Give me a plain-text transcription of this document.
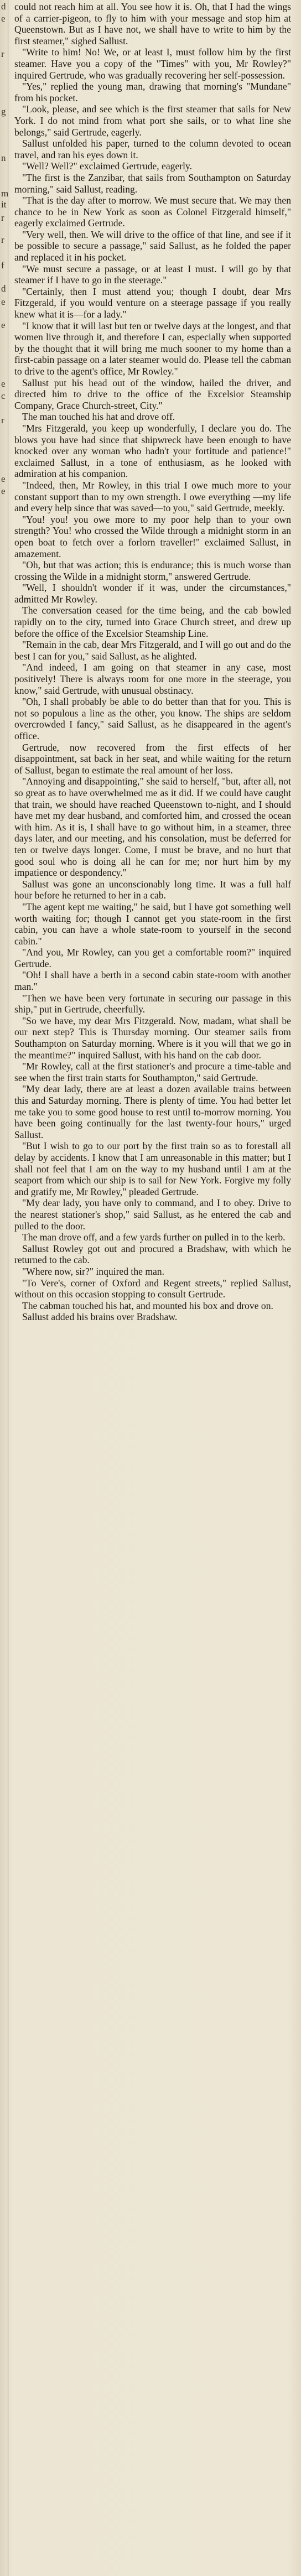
d
e
r
g
n
m
it
r
r
f
d
e
e
e
c
r
e
e

could not reach him at all. You see how it is. Oh, that I had the wings of a carrier-pigeon, to fly to him with your message and stop him at Queenstown. But as I have not, we shall have to write to him by the first steamer," sighed Sallust.

"Write to him! No! We, or at least I, must follow him by the first steamer. Have you a copy of the "Times" with you, Mr Rowley?" inquired Gertrude, who was gradually recovering her self-possession.

"Yes," replied the young man, drawing that morning's "Mundane" from his pocket.

"Look, please, and see which is the first steamer that sails for New York. I do not mind from what port she sails, or to what line she belongs," said Gertrude, eagerly.

Sallust unfolded his paper, turned to the column devoted to ocean travel, and ran his eyes down it.

"Well? Well?" exclaimed Gertrude, eagerly.

"The first is the Zanzibar, that sails from Southampton on Saturday morning," said Sallust, reading.

"That is the day after to morrow. We must secure that. We may then chance to be in New York as soon as Colonel Fitzgerald himself," eagerly exclaimed Gertrude.

"Very well, then. We will drive to the office of that line, and see if it be possible to secure a passage," said Sallust, as he folded the paper and replaced it in his pocket.

"We must secure a passage, or at least I must. I will go by that steamer if I have to go in the steerage."

"Certainly, then I must attend you; though I doubt, dear Mrs Fitzgerald, if you would venture on a steerage passage if you really knew what it is—for a lady."

"I know that it will last but ten or twelve days at the longest, and that women live through it, and therefore I can, especially when supported by the thought that it will bring me much sooner to my home than a first-cabin passage on a later steamer would do. Please tell the cabman to drive to the agent's office, Mr Rowley."

Sallust put his head out of the window, hailed the driver, and directed him to drive to the office of the Excelsior Steamship Company, Grace Church-street, City."

The man touched his hat and drove off.

"Mrs Fitzgerald, you keep up wonderfully, I declare you do. The blows you have had since that shipwreck have been enough to have knocked over any woman who hadn't your fortitude and patience!" exclaimed Sallust, in a tone of enthusiasm, as he looked with admiration at his companion.

"Indeed, then, Mr Rowley, in this trial I owe much more to your constant support than to my own strength. I owe everything —my life and every help since that was saved—to you," said Gertrude, meekly.

"You! you! you owe more to my poor help than to your own strength? You! who crossed the Wilde through a midnight storm in an open boat to fetch over a forlorn traveller!" exclaimed Sallust, in amazement.

"Oh, but that was action; this is endurance; this is much worse than crossing the Wilde in a midnight storm," answered Gertrude.

"Well, I shouldn't wonder if it was, under the circumstances," admitted Mr Rowley.

The conversation ceased for the time being, and the cab bowled rapidly on to the city, turned into Grace Church street, and drew up before the office of the Excelsior Steamship Line.

"Remain in the cab, dear Mrs Fitzgerald, and I will go out and do the best I can for you," said Sallust, as he alighted.

"And indeed, I am going on that steamer in any case, most positively! There is always room for one more in the steerage, you know," said Gertrude, with unusual obstinacy.

"Oh, I shall probably be able to do better than that for you. This is not so populous a line as the other, you know. The ships are seldom overcrowded I fancy," said Sallust, as he disappeared in the agent's office.

Gertrude, now recovered from the first effects of her disappointment, sat back in her seat, and while waiting for the return of Sallust, began to estimate the real amount of her loss.

"Annoying and disappointing," she said to herself, "but, after all, not so great as to have overwhelmed me as it did. If we could have caught that train, we should have reached Queenstown to-night, and I should have met my dear husband, and comforted him, and crossed the ocean with him. As it is, I shall have to go without him, in a steamer, three days later, and our meeting, and his consolation, must be deferred for ten or twelve days longer. Come, I must be brave, and no hurt that good soul who is doing all he can for me; nor hurt him by my impatience or despondency."

Sallust was gone an unconscionably long time. It was a full half hour before he returned to her in a cab.

"The agent kept me waiting," he said, but I have got something well worth waiting for; though I cannot get you state-room in the first cabin, you can have a whole state-room to yourself in the second cabin."

"And you, Mr Rowley, can you get a comfortable room?" inquired Gertrude.

"Oh! I shall have a berth in a second cabin state-room with another man."

"Then we have been very fortunate in securing our passage in this ship," put in Gertrude, cheerfully.

"So we have, my dear Mrs Fitzgerald. Now, madam, what shall be our next step? This is Thursday morning. Our steamer sails from Southampton on Saturday morning. Where is it you will that we go in the meantime?" inquired Sallust, with his hand on the cab door.

"Mr Rowley, call at the first stationer's and procure a time-table and see when the first train starts for Southampton," said Gertrude.

"My dear lady, there are at least a dozen available trains between this and Saturday morning. There is plenty of time. You had better let me take you to some good house to rest until to-morrow morning. You have been going continually for the last twenty-four hours," urged Sallust.

"But I wish to go to our port by the first train so as to forestall all delay by accidents. I know that I am unreasonable in this matter; but I shall not feel that I am on the way to my husband until I am at the seaport from which our ship is to sail for New York. Forgive my folly and gratify me, Mr Rowley," pleaded Gertrude.

"My dear lady, you have only to command, and I to obey. Drive to the nearest stationer's shop," said Sallust, as he entered the cab and pulled to the door.

The man drove off, and a few yards further on pulled in to the kerb.

Sallust Rowley got out and procured a Bradshaw, with which he returned to the cab.

"Where now, sir?" inquired the man.

"To Vere's, corner of Oxford and Regent streets," replied Sallust, without on this occasion stopping to consult Gertrude.

The cabman touched his hat, and mounted his box and drove on.

Sallust added his brains over Bradshaw.
